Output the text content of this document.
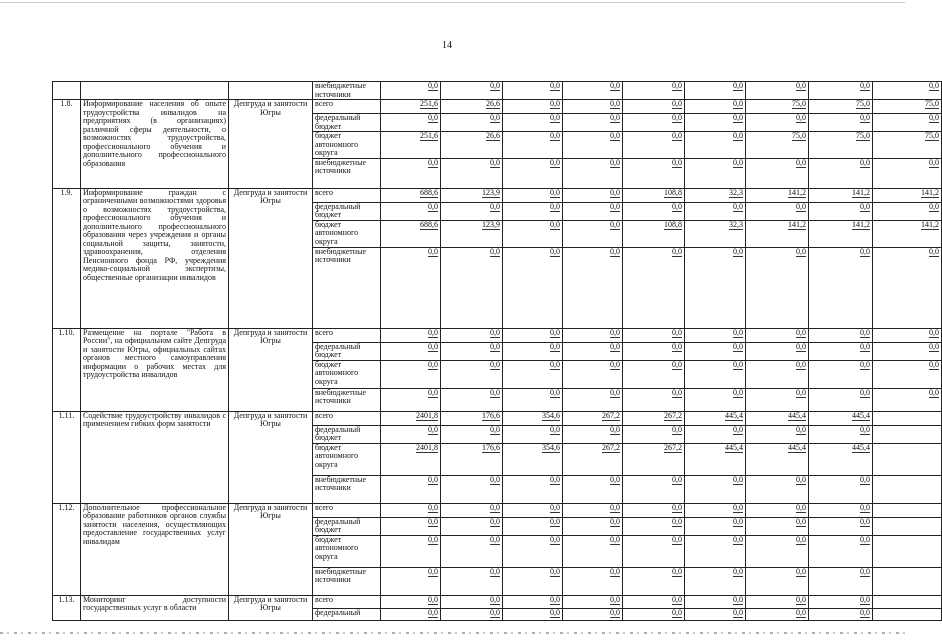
14
			внебюджетные источники	0,0	0,0	0,0	0,0	0,0	0,0	0,0	0,0	0,0
1.8.	Информирование населения об опыте трудоустройства инвалидов на предприятиях (в организациях) различной сферы деятельности, о возможностях трудоустройства, профессионального обучения и дополнительного профессионального образования	Депгруда и занятости Югры	всего	251,6	26,6	0,0	0,0	0,0	0,0	75,0	75,0	75,0
			федеральный бюджет	0,0	0,0	0,0	0,0	0,0	0,0	0,0	0,0	0,0
			бюджет автономного округа	251,6	26,6	0,0	0,0	0,0	0,0	75,0	75,0	75,0
			внебюджетные источники	0,0	0,0	0,0	0,0	0,0	0,0	0,0	0,0	0,0
1.9.	Информирование граждан с ограниченными возможностями здоровья о возможностях трудоустройства, профессионального обучения и дополнительного профессионального образования через учреждения и органы социальной защиты, занятости, здравоохранения, отделения Пенсионного фонда РФ, учреждения медико-социальной экспертизы, общественные организации инвалидов	Депгруда и занятости Югры	всего	688,6	123,9	0,0	0,0	108,8	32,3	141,2	141,2	141,2
			федеральный бюджет	0,0	0,0	0,0	0,0	0,0	0,0	0,0	0,0	0,0
			бюджет автономного округа	688,6	123,9	0,0	0,0	108,8	32,3	141,2	141,2	141,2
			внебюджетные источники	0,0	0,0	0,0	0,0	0,0	0,0	0,0	0,0	0,0
1.10.	Размещение на портале "Работа в России", на официальном сайте Депгруда и занятости Югры, официальных сайтах органов местного самоуправления информации о рабочих местах для трудоустройства инвалидов	Депгруда и занятости Югры	всего	0,0	0,0	0,0	0,0	0,0	0,0	0,0	0,0	0,0
			федеральный бюджет	0,0	0,0	0,0	0,0	0,0	0,0	0,0	0,0	0,0
			бюджет автономного округа	0,0	0,0	0,0	0,0	0,0	0,0	0,0	0,0	0,0
			внебюджетные источники	0,0	0,0	0,0	0,0	0,0	0,0	0,0	0,0	0,0
1.11.	Содействие трудоустройству инвалидов с применением гибких форм занятости	Депгруда и занятости Югры	всего	2401,8	176,6	354,6	267,2	267,2	445,4	445,4	445,4	
			федеральный бюджет	0,0	0,0	0,0	0,0	0,0	0,0	0,0	0,0	
			бюджет автономного округа	2401,8	176,6	354,6	267,2	267,2	445,4	445,4	445,4	
			внебюджетные источники	0,0	0,0	0,0	0,0	0,0	0,0	0,0	0,0	
1.12.	Дополнительное профессиональное образование работников органов службы занятости населения, осуществляющих предоставление государственных услуг инвалидам	Депгруда и занятости Югры	всего	0,0	0,0	0,0	0,0	0,0	0,0	0,0	0,0	
			федеральный бюджет	0,0	0,0	0,0	0,0	0,0	0,0	0,0	0,0	
			бюджет автономного округа	0,0	0,0	0,0	0,0	0,0	0,0	0,0	0,0	
			внебюджетные источники	0,0	0,0	0,0	0,0	0,0	0,0	0,0	0,0	
1.13.	Мониторинг доступности государственных услуг в области	Депгруда и занятости Югры	всего	0,0	0,0	0,0	0,0	0,0	0,0	0,0	0,0	
			федеральный	0,0	0,0	0,0	0,0	0,0	0,0	0,0	0,0	
